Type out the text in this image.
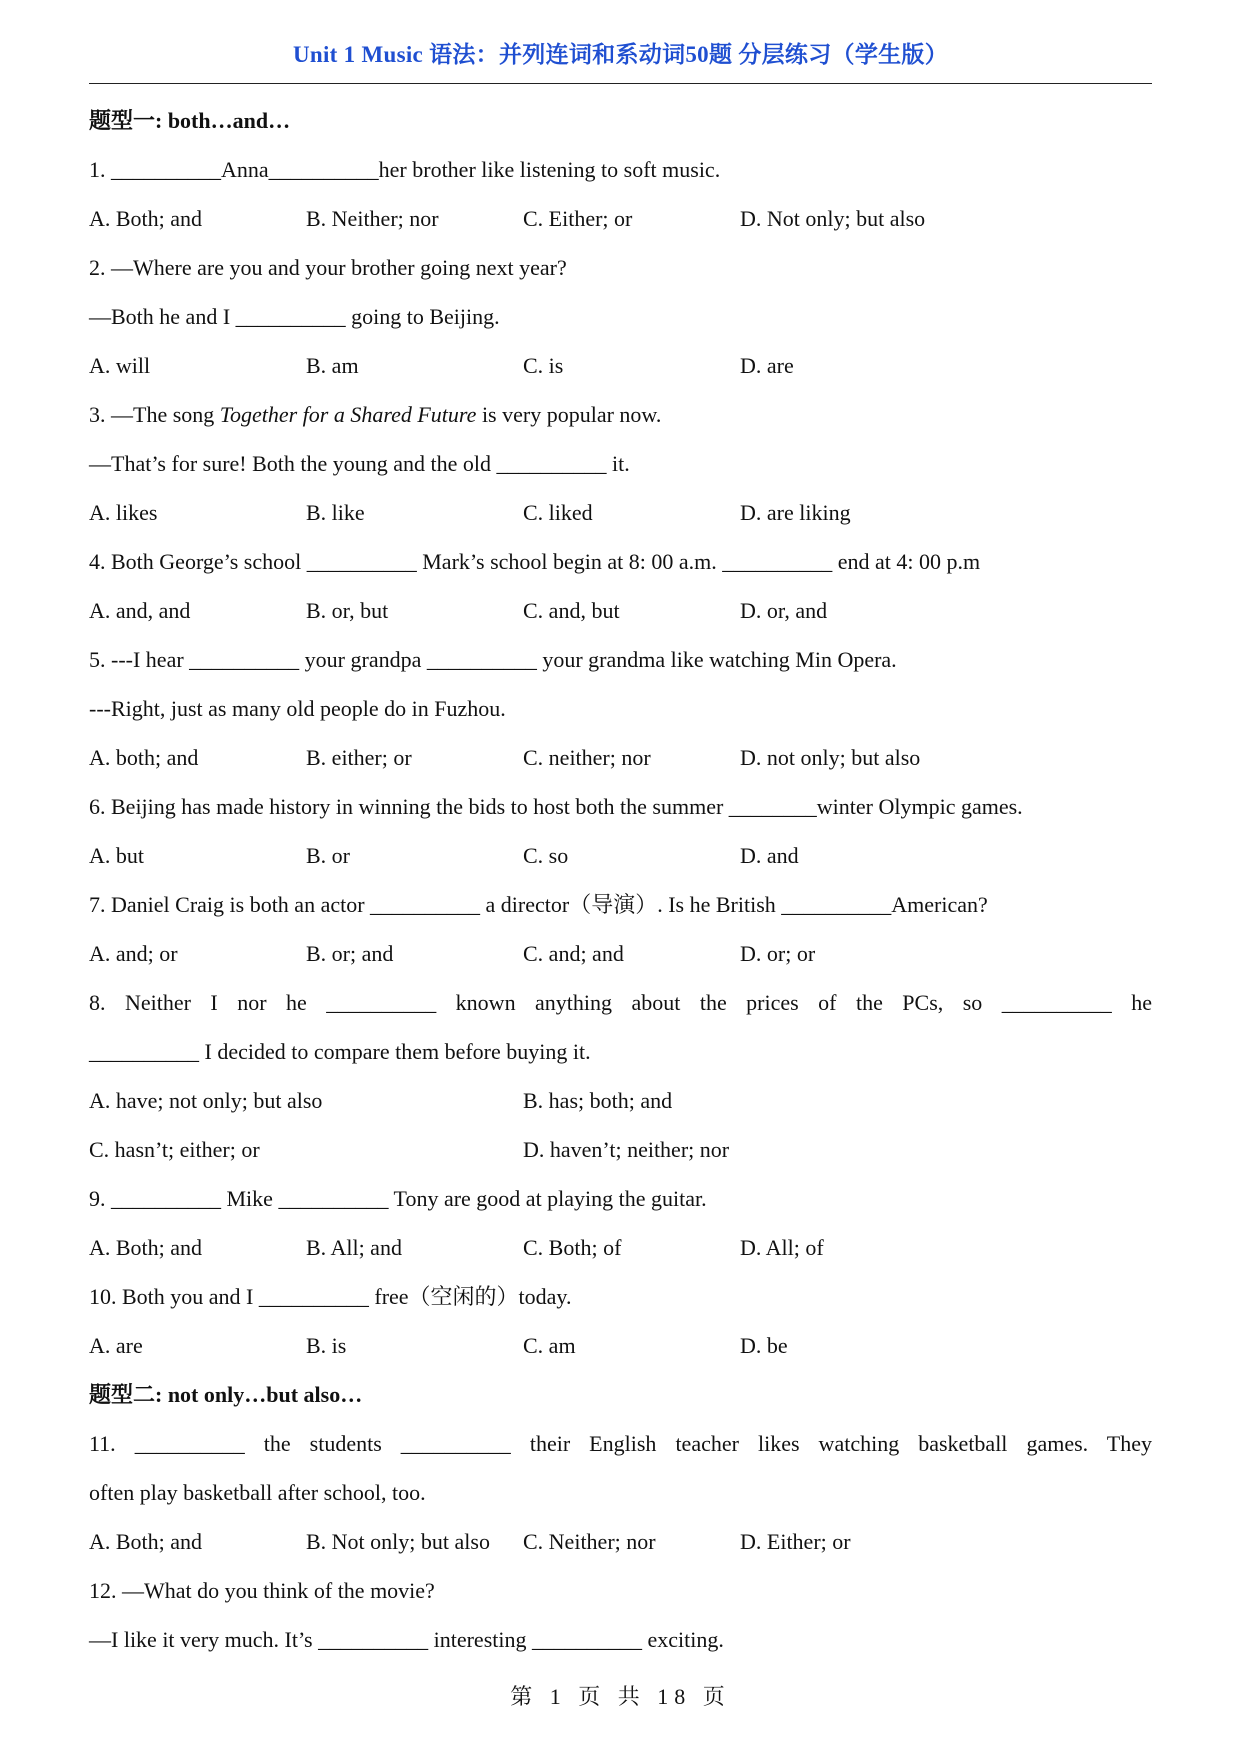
Unit 1 Music 语法：并列连词和系动词50题 分层练习（学生版）
题型一: both…and…
1. __________Anna__________her brother like listening to soft music.
A. Both; and	B. Neither; nor	C. Either; or	D. Not only; but also
2. —Where are you and your brother going next year?
—Both he and I __________ going to Beijing.
A. will	B. am	C. is	D. are
3. —The song Together for a Shared Future is very popular now.
—That’s for sure! Both the young and the old __________ it.
A. likes	B. like	C. liked	D. are liking
4. Both George’s school __________ Mark’s school begin at 8: 00 a.m. __________ end at 4: 00 p.m
A. and, and	B. or, but	C. and, but	D. or, and
5. ---I hear __________ your grandpa __________ your grandma like watching Min Opera.
---Right, just as many old people do in Fuzhou.
A. both; and	B. either; or	C. neither; nor	D. not only; but also
6. Beijing has made history in winning the bids to host both the summer ________winter Olympic games.
A. but	B. or	C. so	D. and
7. Daniel Craig is both an actor __________ a director（导演）. Is he British __________American?
A. and; or	B. or; and	C. and; and	D. or; or
8. Neither I nor he __________ known anything about the prices of the PCs, so __________ he
__________ I decided to compare them before buying it.
A. have; not only; but also	B. has; both; and
C. hasn’t; either; or	D. haven’t; neither; nor
9. __________ Mike __________ Tony are good at playing the guitar.
A. Both; and	B. All; and	C. Both; of	D. All; of
10. Both you and I __________ free（空闲的）today.
A. are	B. is	C. am	D. be
题型二: not only…but also…
11. __________ the students __________ their English teacher likes watching basketball games. They
often play basketball after school, too.
A. Both; and	B. Not only; but also	C. Neither; nor	D. Either; or
12. —What do you think of the movie?
—I like it very much. It’s __________ interesting __________ exciting.
第 1 页 共 18 页
